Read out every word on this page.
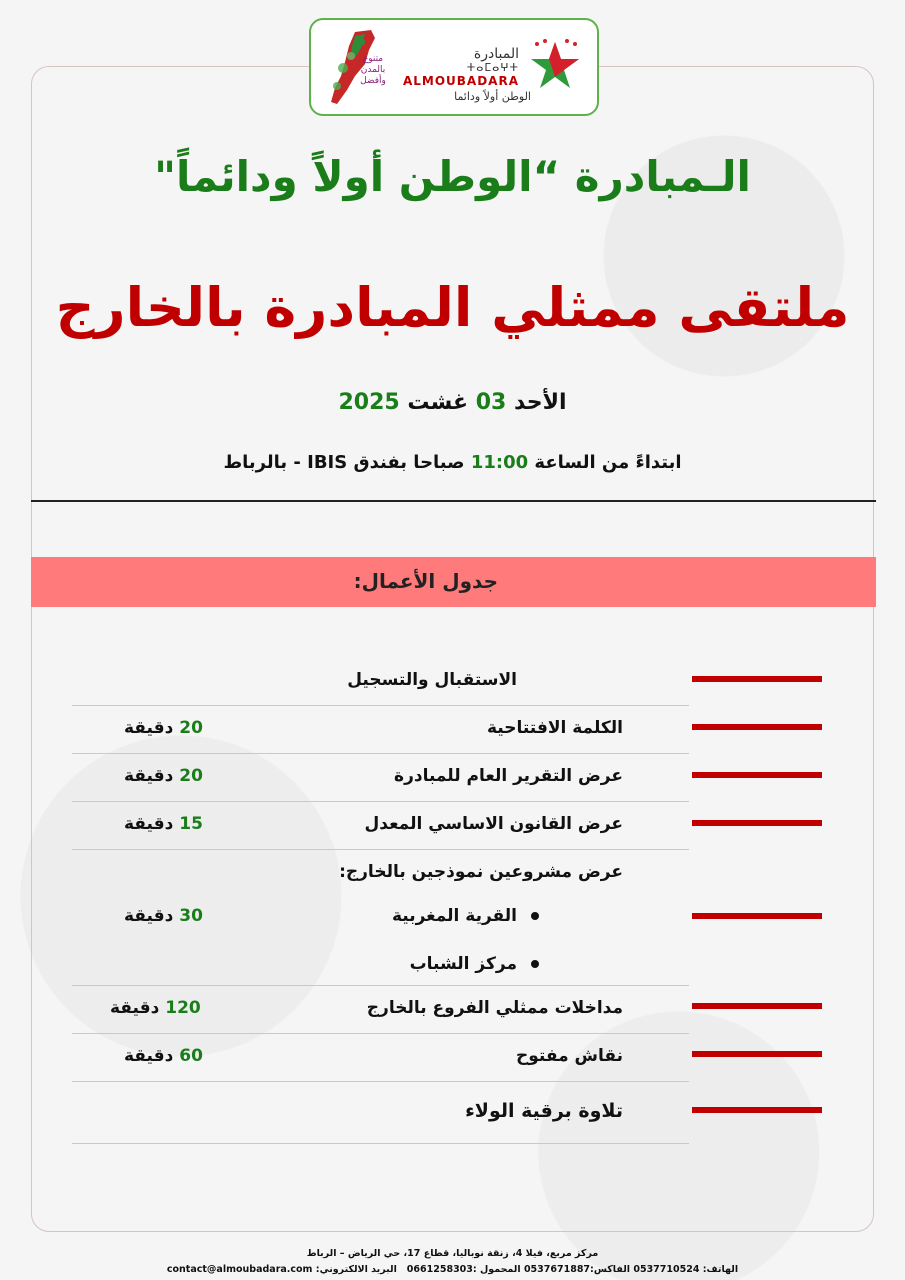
المبادرة
ⵜⴰⵎⴰⵖⵜ
ALMOUBADARA
الوطن أولاً ودائما
متنوع بالمدن وأفضل
الـمبادرة “الوطن أولاً ودائماً"
ملتقى ممثلي المبادرة بالخارج
الأحد 03 غشت 2025
ابتداءً من الساعة 11:00 صباحا بفندق IBIS - بالرباط
جدول الأعمال:
الاستقبال والتسجيل
الكلمة الافتتاحية
20 دقيقة
عرض التقرير العام للمبادرة
20 دقيقة
عرض القانون الاساسي المعدل
15 دقيقة
عرض مشروعين نموذجين بالخارج:
القرية المغربية
مركز الشباب
30 دقيقة
مداخلات ممثلي الفروع بالخارج
120 دقيقة
نقاش مفتوح
60 دقيقة
تلاوة برقية الولاء
مركز مربع، فيلا 4، زنقة نوباليا، قطاع 17، حي الرياض – الرباط
الهاتف: 0537710524 الفاكس:0537671887 المحمول :0661258303   البريد الالكتروني: contact@almoubadara.com
